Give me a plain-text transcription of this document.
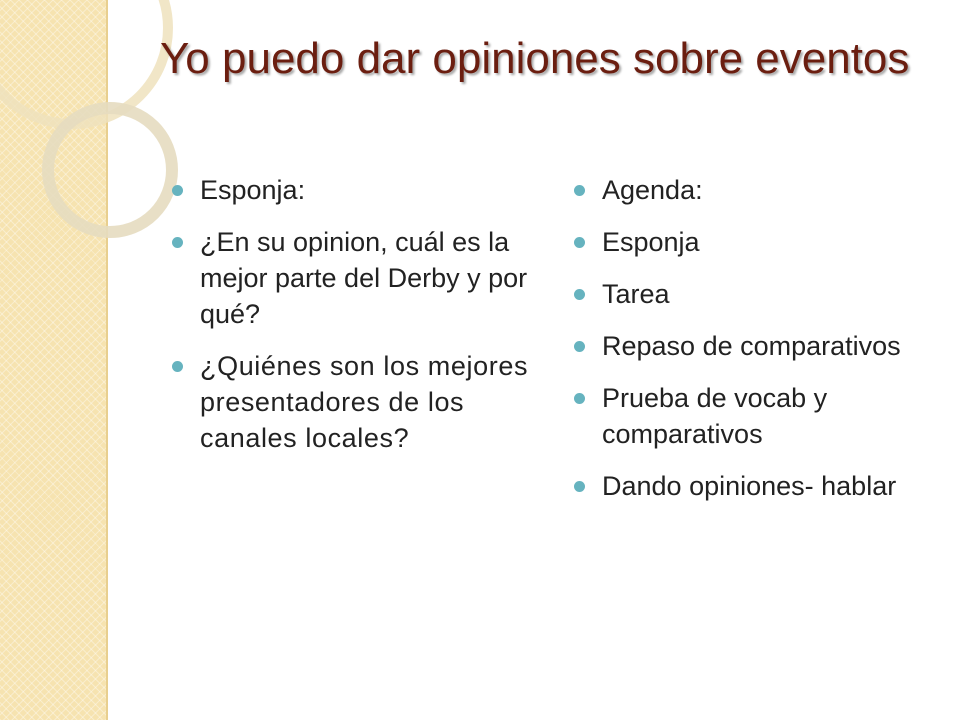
Yo puedo dar opiniones sobre eventos
Esponja:
¿En su opinion, cuál es la mejor parte del Derby y por qué?
¿Quiénes son los mejores presentadores de los canales locales?
Agenda:
Esponja
Tarea
Repaso de comparativos
Prueba de vocab y comparativos
Dando opiniones- hablar
